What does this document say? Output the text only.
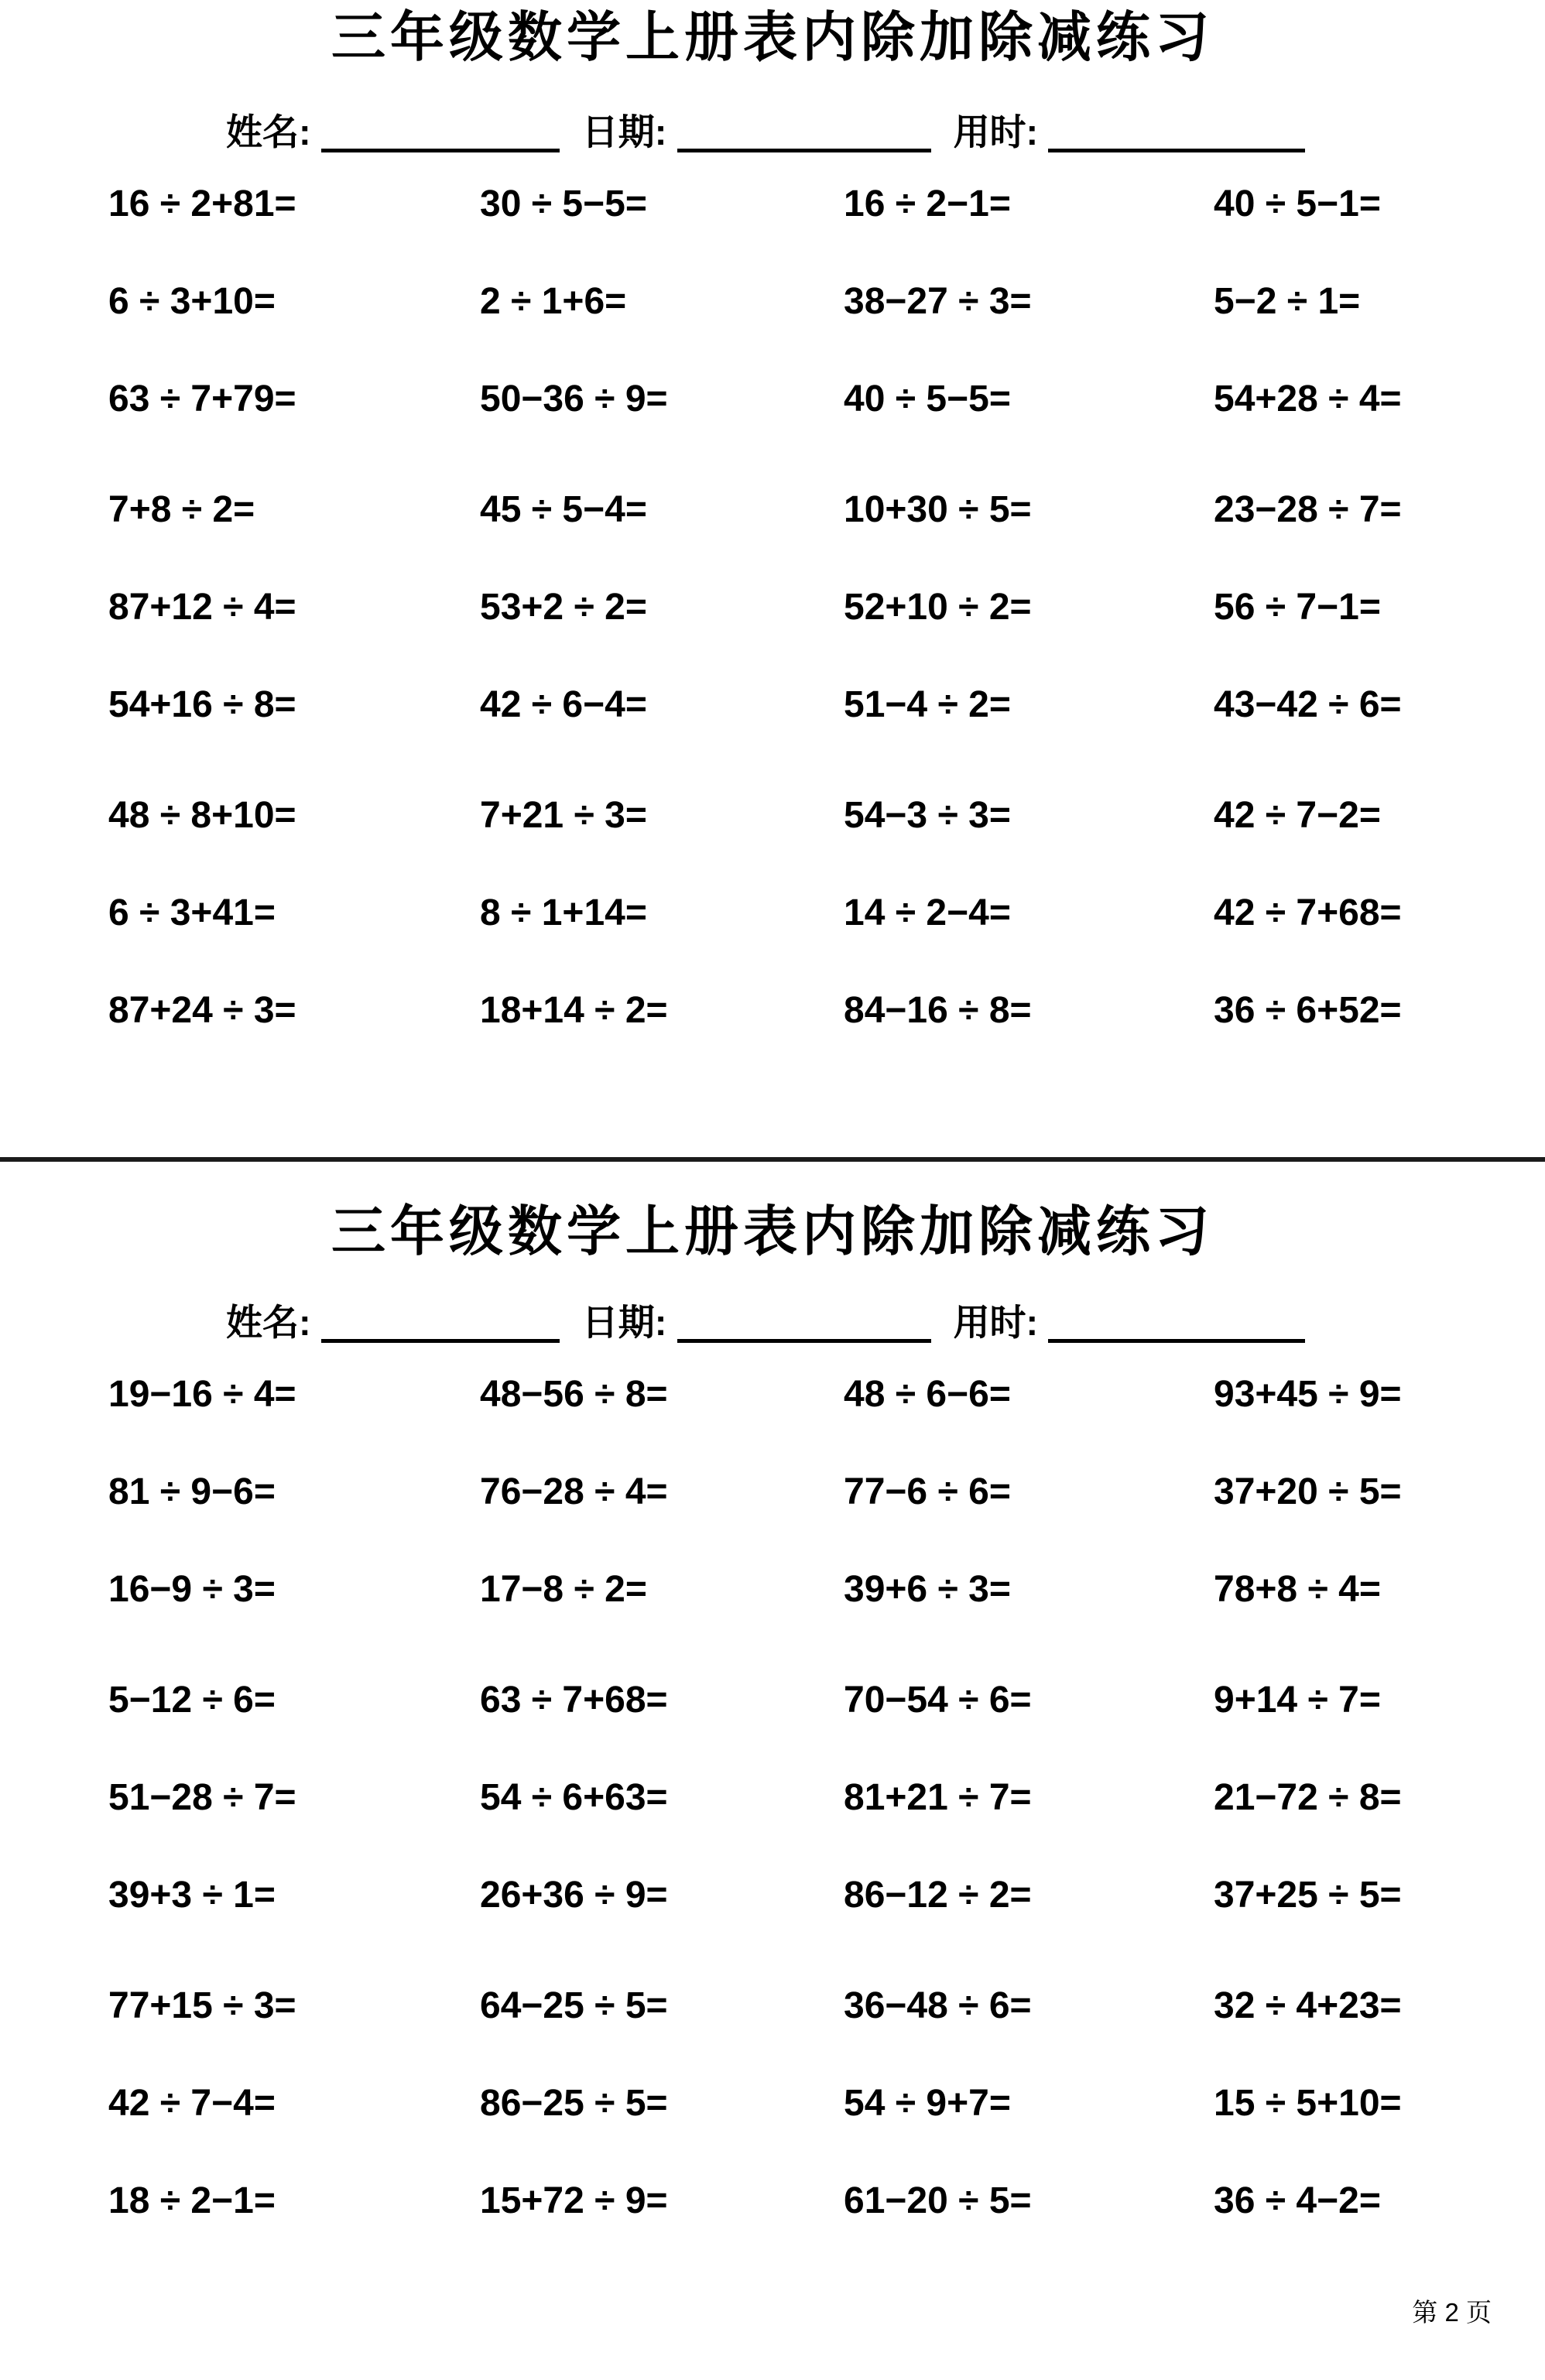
三年级数学上册表内除加除减练习
姓名:	日期:	用时:
16 ÷ 2+81=	30 ÷ 5−5=	16 ÷ 2−1=	40 ÷ 5−1=
6 ÷ 3+10=	2 ÷ 1+6=	38−27 ÷ 3=	5−2 ÷ 1=
63 ÷ 7+79=	50−36 ÷ 9=	40 ÷ 5−5=	54+28 ÷ 4=
7+8 ÷ 2=	45 ÷ 5−4=	10+30 ÷ 5=	23−28 ÷ 7=
87+12 ÷ 4=	53+2 ÷ 2=	52+10 ÷ 2=	56 ÷ 7−1=
54+16 ÷ 8=	42 ÷ 6−4=	51−4 ÷ 2=	43−42 ÷ 6=
48 ÷ 8+10=	7+21 ÷ 3=	54−3 ÷ 3=	42 ÷ 7−2=
6 ÷ 3+41=	8 ÷ 1+14=	14 ÷ 2−4=	42 ÷ 7+68=
87+24 ÷ 3=	18+14 ÷ 2=	84−16 ÷ 8=	36 ÷ 6+52=
三年级数学上册表内除加除减练习
姓名:	日期:	用时:
19−16 ÷ 4=	48−56 ÷ 8=	48 ÷ 6−6=	93+45 ÷ 9=
81 ÷ 9−6=	76−28 ÷ 4=	77−6 ÷ 6=	37+20 ÷ 5=
16−9 ÷ 3=	17−8 ÷ 2=	39+6 ÷ 3=	78+8 ÷ 4=
5−12 ÷ 6=	63 ÷ 7+68=	70−54 ÷ 6=	9+14 ÷ 7=
51−28 ÷ 7=	54 ÷ 6+63=	81+21 ÷ 7=	21−72 ÷ 8=
39+3 ÷ 1=	26+36 ÷ 9=	86−12 ÷ 2=	37+25 ÷ 5=
77+15 ÷ 3=	64−25 ÷ 5=	36−48 ÷ 6=	32 ÷ 4+23=
42 ÷ 7−4=	86−25 ÷ 5=	54 ÷ 9+7=	15 ÷ 5+10=
18 ÷ 2−1=	15+72 ÷ 9=	61−20 ÷ 5=	36 ÷ 4−2=
第 2 页
